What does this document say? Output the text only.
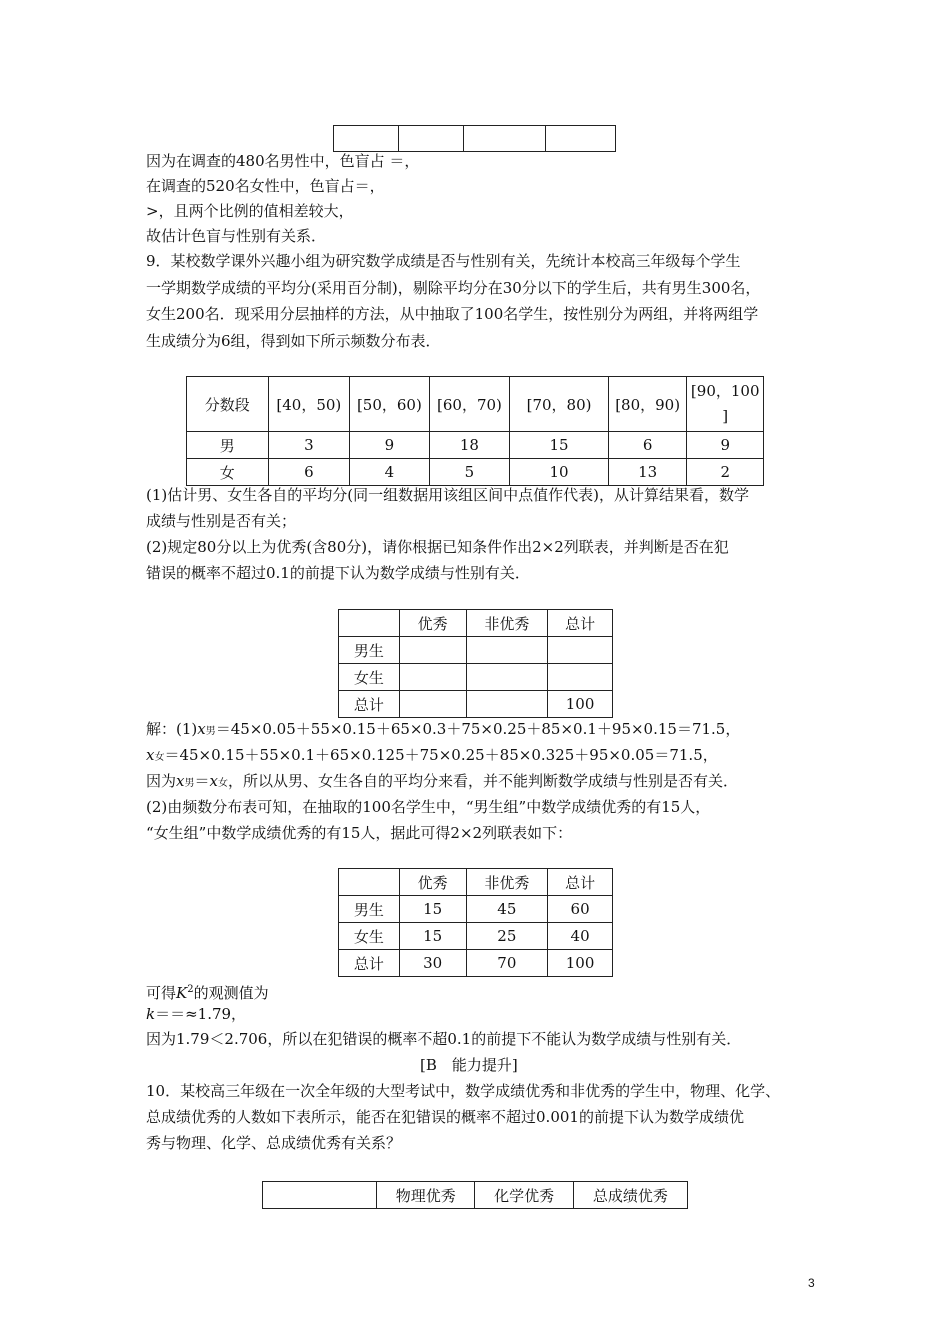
因为在调查的480名男性中，色盲占 ＝，
在调查的520名女性中，色盲占＝，
>，且两个比例的值相差较大，
故估计色盲与性别有关系．
9．某校数学课外兴趣小组为研究数学成绩是否与性别有关，先统计本校高三年级每个学生
一学期数学成绩的平均分(采用百分制)，剔除平均分在30分以下的学生后，共有男生300名，
女生200名．现采用分层抽样的方法，从中抽取了100名学生，按性别分为两组，并将两组学
生成绩分为6组，得到如下所示频数分布表．
分数段	[40，50)	[50，60)	[60，70)	[70，80)	[80，90)	[90，100
]

男	3	9	18	15	6	9
女	6	4	5	10	13	2
(1)估计男、女生各自的平均分(同一组数据用该组区间中点值作代表)，从计算结果看，数学
成绩与性别是否有关；
(2)规定80分以上为优秀(含80分)，请你根据已知条件作出2×2列联表，并判断是否在犯
错误的概率不超过0.1的前提下认为数学成绩与性别有关．
	优秀	非优秀	总计
男生			
女生			
总计			100
解：(1)x男＝45×0.05＋55×0.15＋65×0.3＋75×0.25＋85×0.1＋95×0.15＝71.5，
x女＝45×0.15＋55×0.1＋65×0.125＋75×0.25＋85×0.325＋95×0.05＝71.5，
因为x男＝x女，所以从男、女生各自的平均分来看，并不能判断数学成绩与性别是否有关．
(2)由频数分布表可知，在抽取的100名学生中，“男生组”中数学成绩优秀的有15人，
“女生组”中数学成绩优秀的有15人，据此可得2×2列联表如下：
	优秀	非优秀	总计
男生	15	45	60
女生	15	25	40
总计	30	70	100
可得$K^2$的观测值为
k＝＝≈1.79，
因为1.79＜2.706，所以在犯错误的概率不超0.1的前提下不能认为数学成绩与性别有关．
[B　能力提升]
10．某校高三年级在一次全年级的大型考试中，数学成绩优秀和非优秀的学生中，物理、化学、
总成绩优秀的人数如下表所示，能否在犯错误的概率不超过0.001的前提下认为数学成绩优
秀与物理、化学、总成绩优秀有关系？
	物理优秀	化学优秀	总成绩优秀
3
